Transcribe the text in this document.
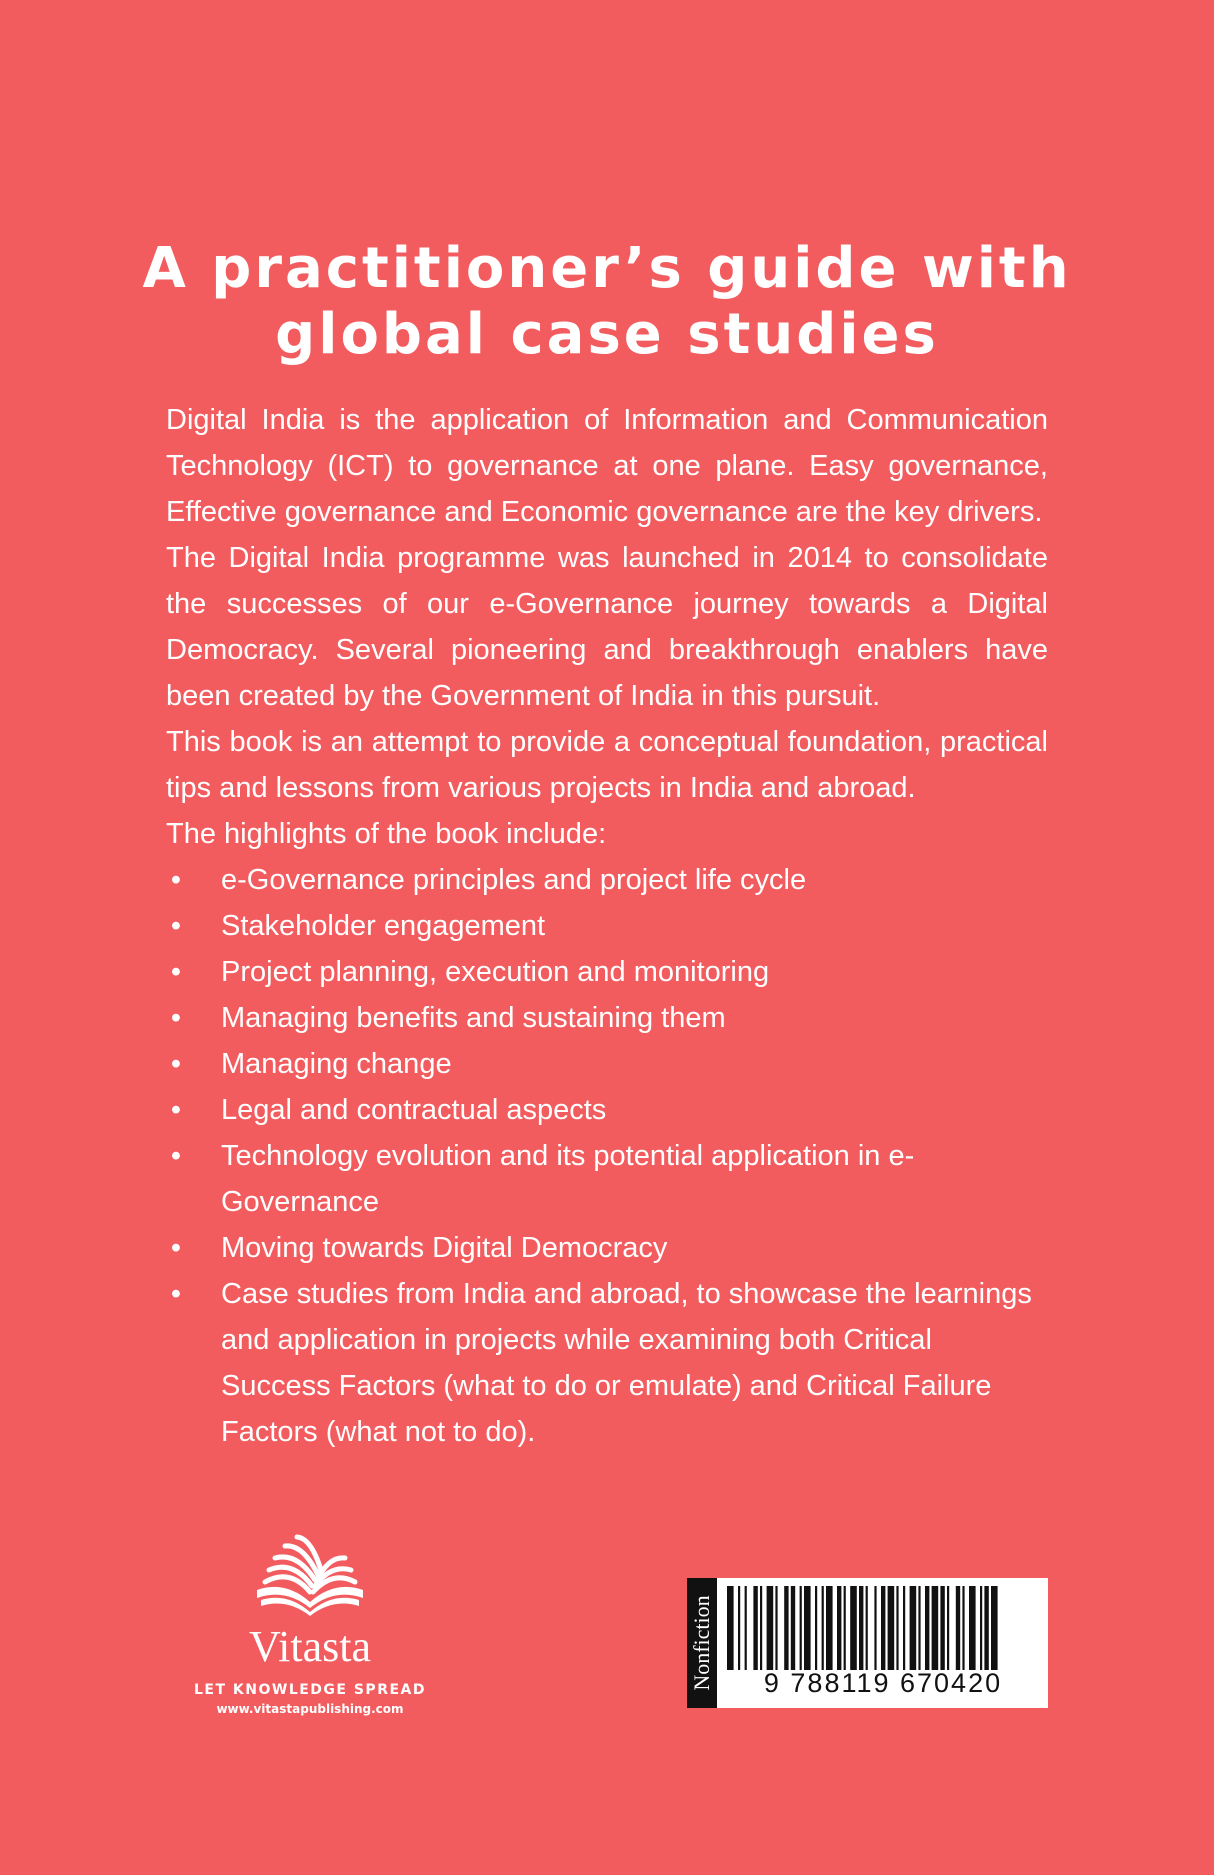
A practitioner’s guide with
global case studies

Digital India is the application of Information and Communication Technology (ICT) to governance at one plane. Easy governance, Effective governance and Economic governance are the key drivers.

The Digital India programme was launched in 2014 to consolidate the successes of our e-Governance journey towards a Digital Democracy. Several pioneering and breakthrough enablers have been created by the Government of India in this pursuit.

This book is an attempt to provide a conceptual foundation, practical tips and lessons from various projects in India and abroad.

The highlights of the book include:

• e-Governance principles and project life cycle
• Stakeholder engagement
• Project planning, execution and monitoring
• Managing benefits and sustaining them
• Managing change
• Legal and contractual aspects
• Technology evolution and its potential application in e-Governance
• Moving towards Digital Democracy
• Case studies from India and abroad, to showcase the learnings and application in projects while examining both Critical Success Factors (what to do or emulate) and Critical Failure Factors (what not to do).
Vitasta
LET KNOWLEDGE SPREAD
www.vitastapublishing.com
Nonfiction	9 788119 670420
